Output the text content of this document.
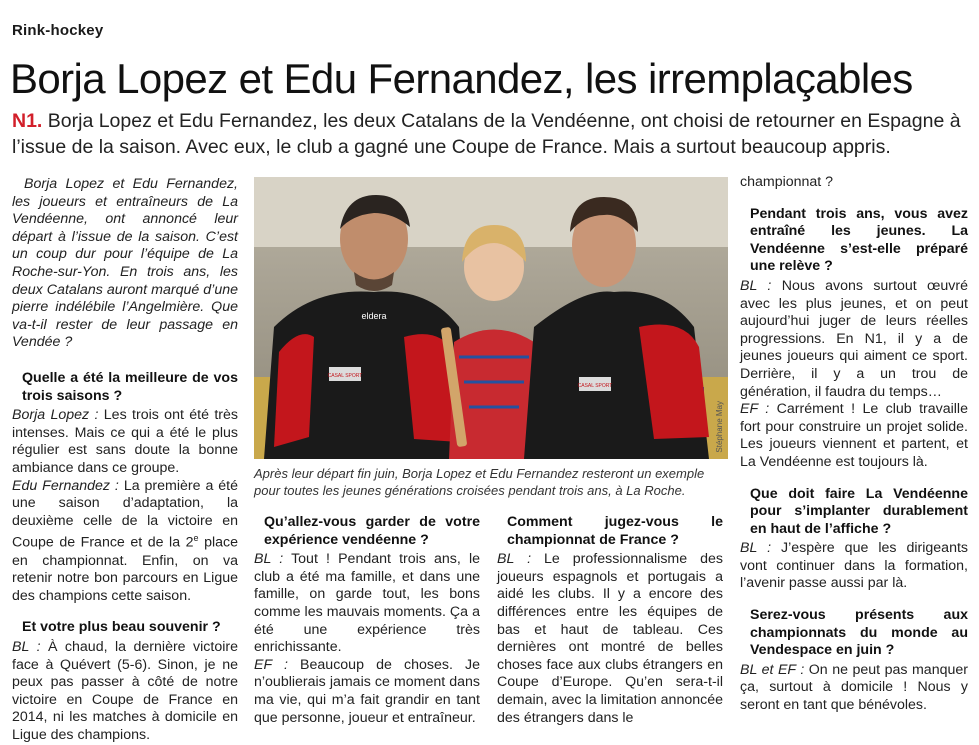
Rink-hockey
Borja Lopez et Edu Fernandez, les irremplaçables
N1. Borja Lopez et Edu Fernandez, les deux Catalans de la Vendéenne, ont choisi de retourner en Espagne à l’issue de la saison. Avec eux, le club a gagné une Coupe de France. Mais a surtout beaucoup appris.

Borja Lopez et Edu Fernandez, les joueurs et entraîneurs de La Vendéenne, ont annoncé leur départ à l’issue de la saison. C’est un coup dur pour l’équipe de La Roche-sur-Yon. En trois ans, les deux Catalans auront marqué d’une pierre indélébile l’Angelmière. Que va-t-il rester de leur passage en Vendée ?

Quelle a été la meilleure de vos trois saisons ?

Borja Lopez : Les trois ont été très intenses. Mais ce qui a été le plus régulier est sans doute la bonne ambiance dans ce groupe.

Edu Fernandez : La première a été une saison d’adaptation, la deuxième celle de la victoire en Coupe de France et de la 2e place en championnat. Enfin, on va retenir notre bon parcours en Ligue des champions cette saison.

Et votre plus beau souvenir ?

BL : À chaud, la dernière victoire face à Quévert (5-6). Sinon, je ne peux pas passer à côté de notre victoire en Coupe de France en 2014, ni les matches à domicile en Ligue des champions.

eldera
CASAL SPORT
CASAL SPORT
Stéphane May
Après leur départ fin juin, Borja Lopez et Edu Fernandez resteront un exemple pour toutes les jeunes générations croisées pendant trois ans, à La Roche.

Qu’allez-vous garder de votre expérience vendéenne ?

BL : Tout ! Pendant trois ans, le club a été ma famille, et dans une famille, on garde tout, les bons comme les mauvais moments. Ça a été une expérience très enrichissante.

EF : Beaucoup de choses. Je n’oublierais jamais ce moment dans ma vie, qui m’a fait grandir en tant que personne, joueur et entraîneur.

Comment jugez-vous le championnat de France ?

BL : Le professionnalisme des joueurs espagnols et portugais a aidé les clubs. Il y a encore des différences entre les équipes de bas et haut de tableau. Ces dernières ont montré de belles choses face aux clubs étrangers en Coupe d’Europe. Qu’en sera-t-il demain, avec la limitation annoncée des étrangers dans le

championnat ?

Pendant trois ans, vous avez entraîné les jeunes. La Vendéenne s’est-elle préparé une relève ?

BL : Nous avons surtout œuvré avec les plus jeunes, et on peut aujourd’hui juger de leurs réelles progressions. En N1, il y a de jeunes joueurs qui aiment ce sport. Derrière, il y a un trou de génération, il faudra du temps…

EF : Carrément ! Le club travaille fort pour construire un projet solide. Les joueurs viennent et partent, et La Vendéenne est toujours là.

Que doit faire La Vendéenne pour s’implanter durablement en haut de l’affiche ?

BL : J’espère que les dirigeants vont continuer dans la formation, l’avenir passe aussi par là.

Serez-vous présents aux championnats du monde au Vendespace en juin ?

BL et EF : On ne peut pas manquer ça, surtout à domicile ! Nous y seront en tant que bénévoles.
